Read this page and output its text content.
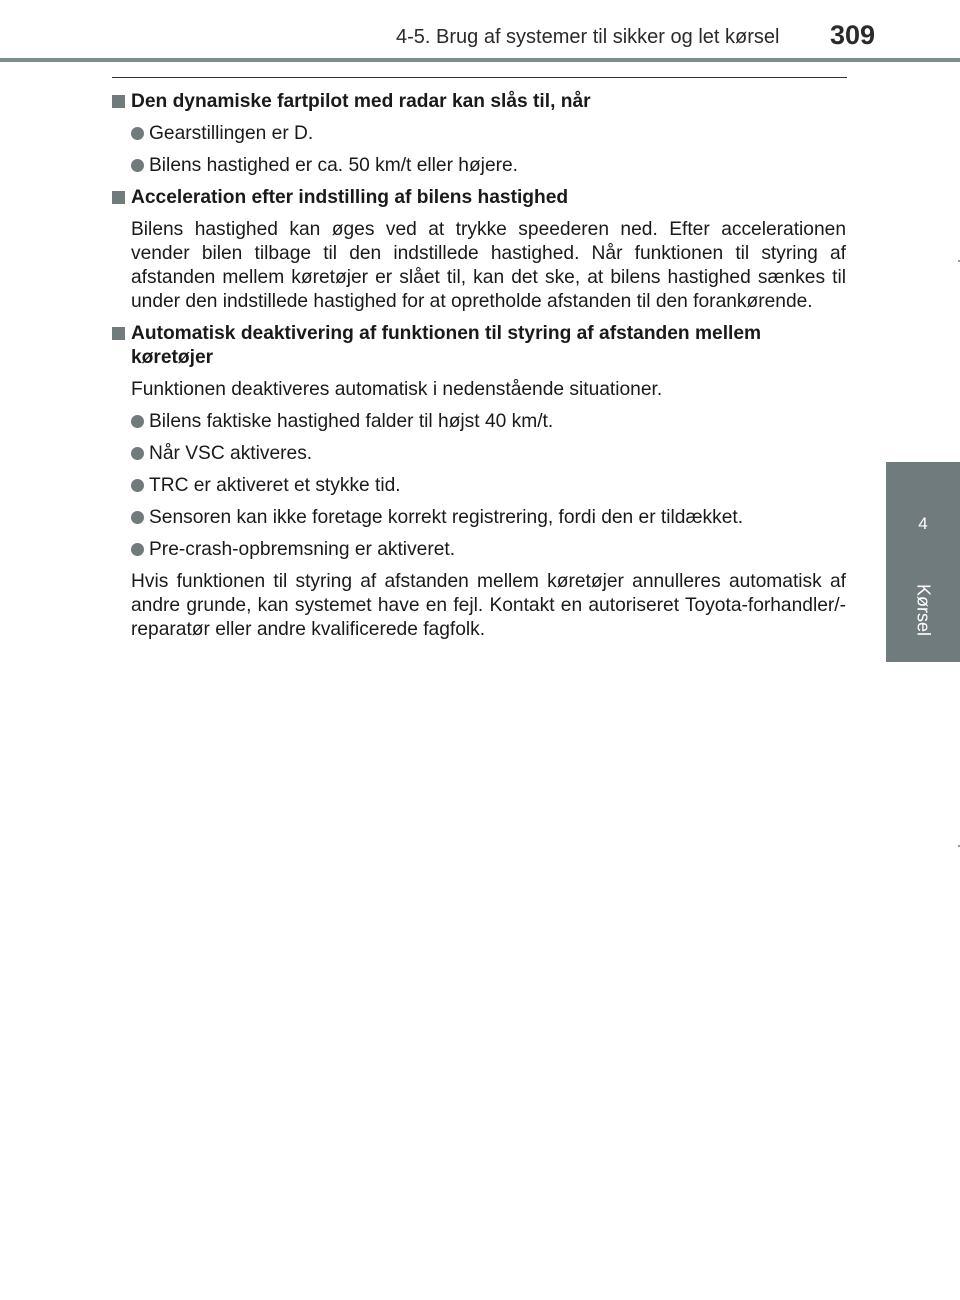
4-5. Brug af systemer til sikker og let kørsel 309
4
Kørsel
Den dynamiske fartpilot med radar kan slås til, når
Gearstillingen er D.
Bilens hastighed er ca. 50 km/t eller højere.
Acceleration efter indstilling af bilens hastighed
Bilens hastighed kan øges ved at trykke speederen ned. Efter accelerationen vender bilen tilbage til den indstillede hastighed. Når funktionen til styring af afstanden mellem køretøjer er slået til, kan det ske, at bilens hastighed sænkes til under den indstillede hastighed for at opretholde afstanden til den forankørende.
Automatisk deaktivering af funktionen til styring af afstanden mellem køretøjer
Funktionen deaktiveres automatisk i nedenstående situationer.
Bilens faktiske hastighed falder til højst 40 km/t.
Når VSC aktiveres.
TRC er aktiveret et stykke tid.
Sensoren kan ikke foretage korrekt registrering, fordi den er tildækket.
Pre-crash-opbremsning er aktiveret.
Hvis funktionen til styring af afstanden mellem køretøjer annulleres automatisk af andre grunde, kan systemet have en fejl. Kontakt en autoriseret Toyota-forhandler/-reparatør eller andre kvalificerede fagfolk.
